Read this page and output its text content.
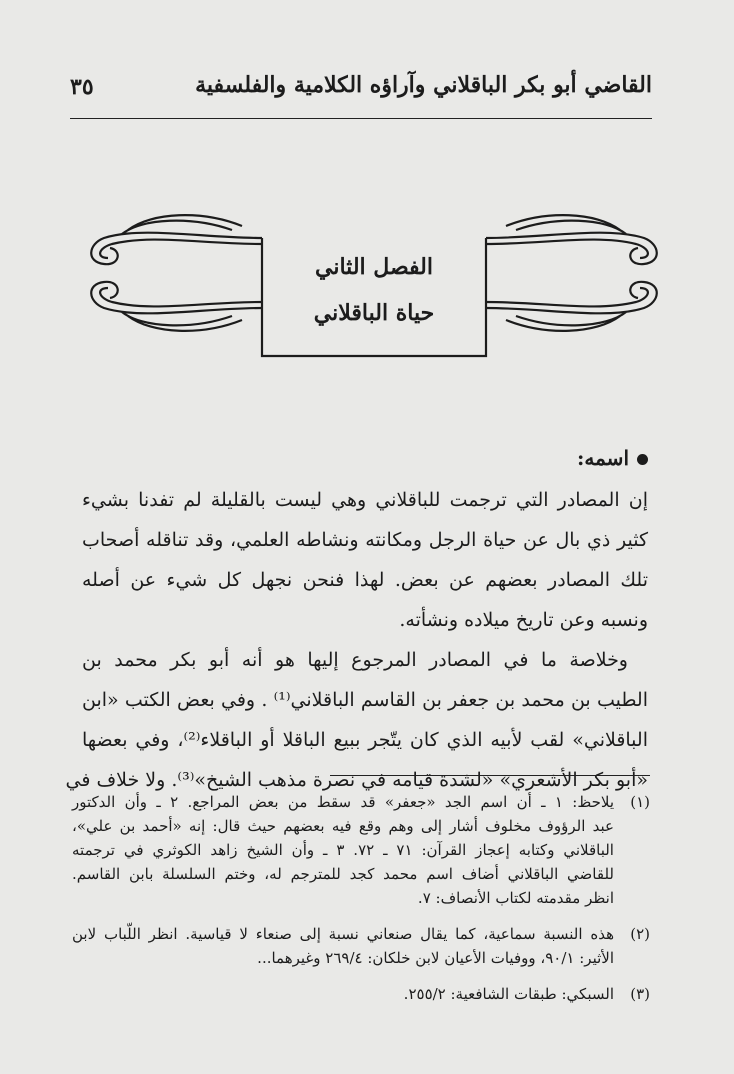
٣٥	القاضي أبو بكر الباقلاني وآراؤه الكلامية والفلسفية
الفصل الثاني
حياة الباقلاني
اسمه:
إن المصادر التي ترجمت للباقلاني وهي ليست بالقليلة لم تفدنا بشيء
كثير ذي بال عن حياة الرجل ومكانته ونشاطه العلمي، وقد تناقله أصحاب
تلك المصادر بعضهم عن بعض. لهذا فنحن نجهل كل شيء عن أصله
ونسبه وعن تاريخ ميلاده ونشأته.
وخلاصة ما في المصادر المرجوع إليها هو أنه أبو بكر محمد بن
الطيب بن محمد بن جعفر بن القاسم الباقلاني⁽¹⁾ . وفي بعض الكتب «ابن
الباقلاني» لقب لأبيه الذي كان يتّجر ببيع الباقلا أو الباقلاء⁽²⁾، وفي بعضها
«أبو بكر الأشعري» «لشدة قيامه في نصرة مذهب الشيخ»⁽³⁾. ولا خلاف في
(١)
يلاحظ: ١ ـ أن اسم الجد «جعفر» قد سقط من بعض المراجع. ٢ ـ وأن الدكتور
عبد الرؤوف مخلوف أشار إلى وهم وقع فيه بعضهم حيث قال: إنه «أحمد بن علي»،
الباقلاني وكتابه إعجاز القرآن: ٧١ ـ ٧٢. ٣ ـ وأن الشيخ زاهد الكوثري في ترجمته
للقاضي الباقلاني أضاف اسم محمد كجد للمترجم له، وختم السلسلة بابن القاسم.
انظر مقدمته لكتاب الأنصاف: ٧.
(٢)
هذه النسبة سماعية، كما يقال صنعاني نسبة إلى صنعاء لا قياسية. انظر اللّباب لابن
الأثير: ٩٠/١، ووفيات الأعيان لابن خلكان: ٢٦٩/٤ وغيرهما...
(٣)
السبكي: طبقات الشافعية: ٢٥٥/٢.
